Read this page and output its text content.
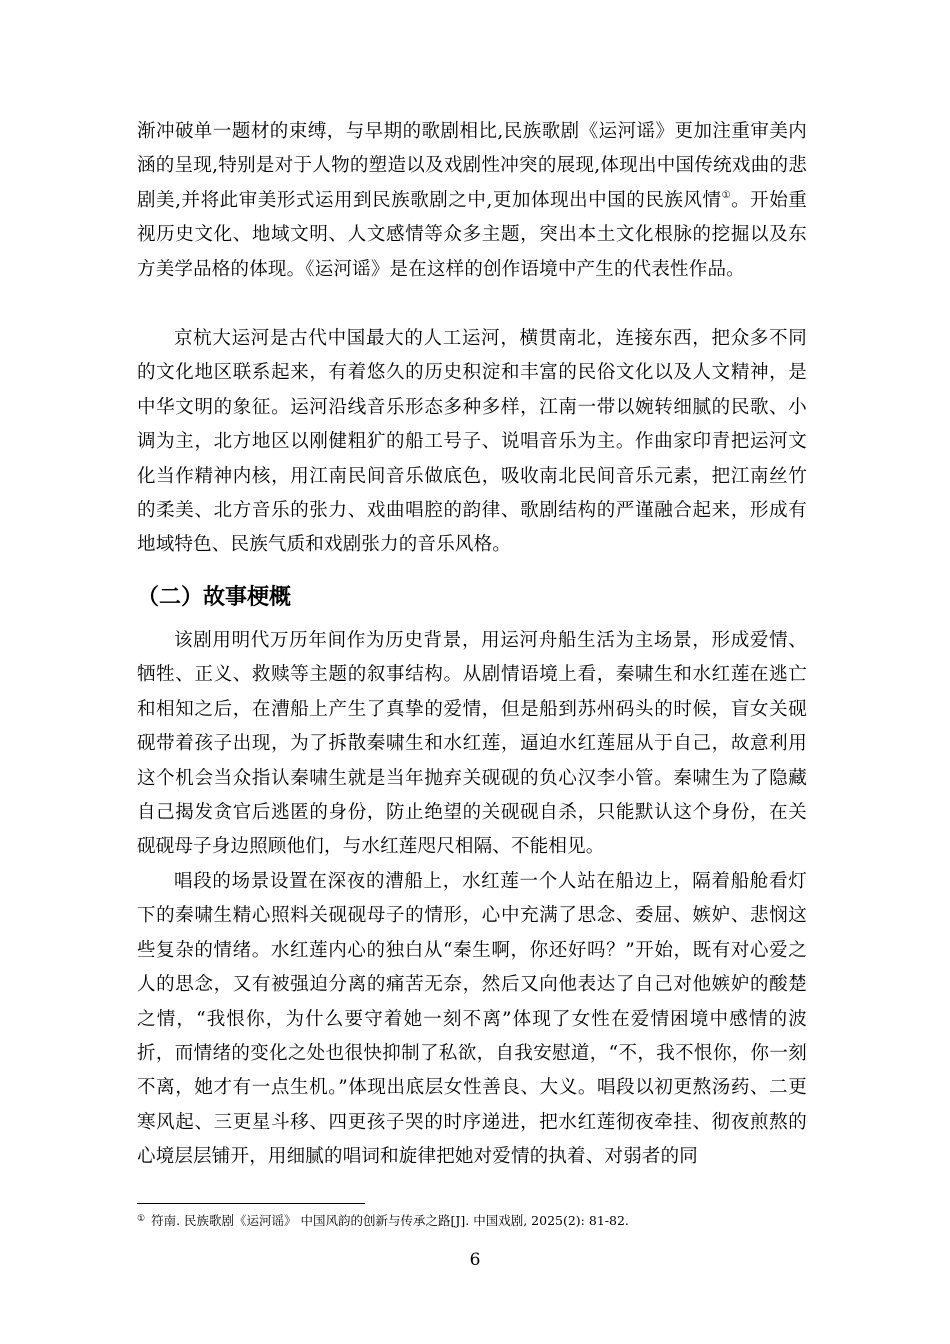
渐冲破单一题材的束缚，与早期的歌剧相比,民族歌剧《运河谣》更加注重审美内涵的呈现,特别是对于人物的塑造以及戏剧性冲突的展现,体现出中国传统戏曲的悲剧美,并将此审美形式运用到民族歌剧之中,更加体现出中国的民族风情①。开始重视历史文化、地域文明、人文感情等众多主题，突出本土文化根脉的挖掘以及东方美学品格的体现。《运河谣》是在这样的创作语境中产生的代表性作品。

京杭大运河是古代中国最大的人工运河，横贯南北，连接东西，把众多不同的文化地区联系起来，有着悠久的历史积淀和丰富的民俗文化以及人文精神，是中华文明的象征。运河沿线音乐形态多种多样，江南一带以婉转细腻的民歌、小调为主，北方地区以刚健粗犷的船工号子、说唱音乐为主。作曲家印青把运河文化当作精神内核，用江南民间音乐做底色，吸收南北民间音乐元素，把江南丝竹的柔美、北方音乐的张力、戏曲唱腔的韵律、歌剧结构的严谨融合起来，形成有地域特色、民族气质和戏剧张力的音乐风格。

（二）故事梗概

该剧用明代万历年间作为历史背景，用运河舟船生活为主场景，形成爱情、牺牲、正义、救赎等主题的叙事结构。从剧情语境上看，秦啸生和水红莲在逃亡和相知之后，在漕船上产生了真挚的爱情，但是船到苏州码头的时候，盲女关砚砚带着孩子出现，为了拆散秦啸生和水红莲，逼迫水红莲屈从于自己，故意利用这个机会当众指认秦啸生就是当年抛弃关砚砚的负心汉李小管。秦啸生为了隐藏自己揭发贪官后逃匿的身份，防止绝望的关砚砚自杀，只能默认这个身份，在关砚砚母子身边照顾他们，与水红莲咫尺相隔、不能相见。

唱段的场景设置在深夜的漕船上，水红莲一个人站在船边上，隔着船舱看灯下的秦啸生精心照料关砚砚母子的情形，心中充满了思念、委屈、嫉妒、悲悯这些复杂的情绪。水红莲内心的独白从“秦生啊，你还好吗？”开始，既有对心爱之人的思念，又有被强迫分离的痛苦无奈，然后又向他表达了自己对他嫉妒的酸楚之情，“我恨你，为什么要守着她一刻不离”体现了女性在爱情困境中感情的波折，而情绪的变化之处也很快抑制了私欲，自我安慰道，“不，我不恨你，你一刻不离，她才有一点生机。”体现出底层女性善良、大义。唱段以初更熬汤药、二更寒风起、三更星斗移、四更孩子哭的时序递进，把水红莲彻夜牵挂、彻夜煎熬的心境层层铺开，用细腻的唱词和旋律把她对爱情的执着、对弱者的同

① 符南. 民族歌剧《运河谣》 中国风韵的创新与传承之路[J]. 中国戏剧, 2025(2): 81-82.

6
